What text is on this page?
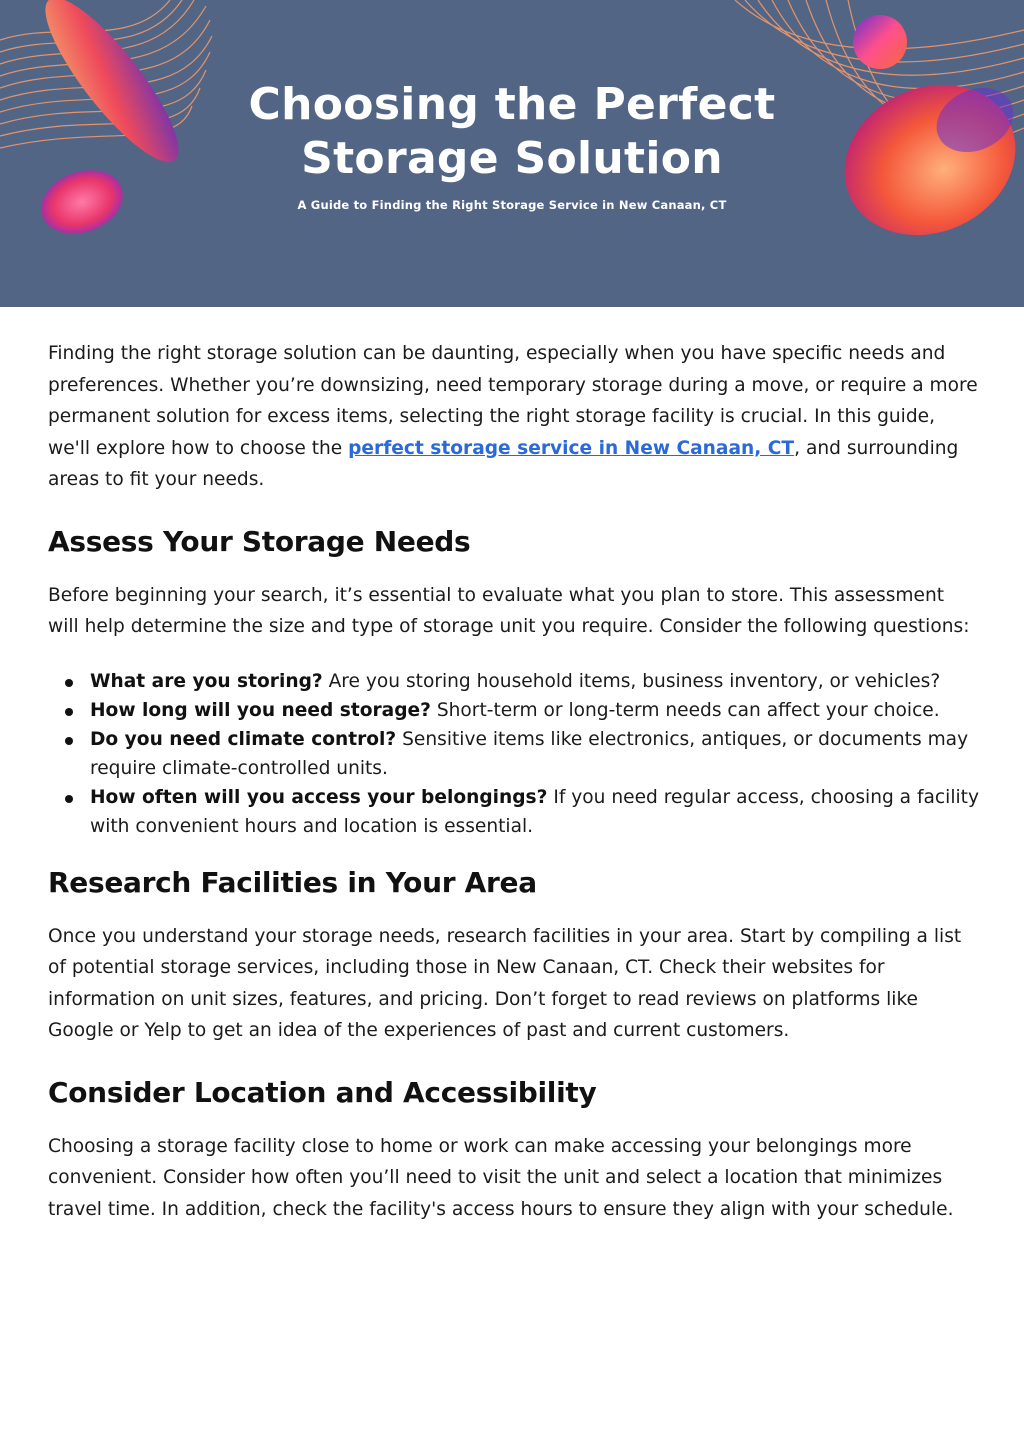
Choosing the Perfect
Storage Solution
A Guide to Finding the Right Storage Service in New Canaan, CT

Finding the right storage solution can be daunting, especially when you have specific needs and preferences. Whether you’re downsizing, need temporary storage during a move, or require a more permanent solution for excess items, selecting the right storage facility is crucial. In this guide, we'll explore how to choose the perfect storage service in New Canaan, CT, and surrounding areas to fit your needs.

Assess Your Storage Needs

Before beginning your search, it’s essential to evaluate what you plan to store. This assessment will help determine the size and type of storage unit you require. Consider the following questions:

What are you storing? Are you storing household items, business inventory, or vehicles?
How long will you need storage? Short-term or long-term needs can affect your choice.
Do you need climate control? Sensitive items like electronics, antiques, or documents may require climate-controlled units.
How often will you access your belongings? If you need regular access, choosing a facility with convenient hours and location is essential.
Research Facilities in Your Area

Once you understand your storage needs, research facilities in your area. Start by compiling a list of potential storage services, including those in New Canaan, CT. Check their websites for information on unit sizes, features, and pricing. Don’t forget to read reviews on platforms like Google or Yelp to get an idea of the experiences of past and current customers.

Consider Location and Accessibility

Choosing a storage facility close to home or work can make accessing your belongings more convenient. Consider how often you’ll need to visit the unit and select a location that minimizes travel time. In addition, check the facility's access hours to ensure they align with your schedule.
